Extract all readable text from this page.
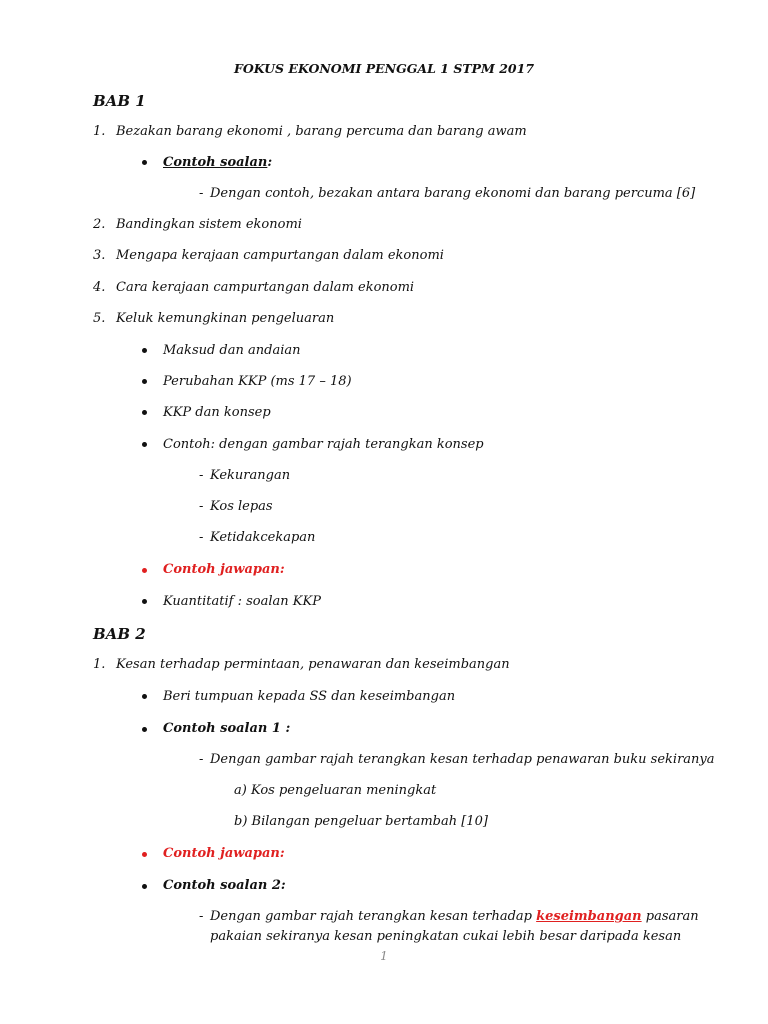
FOKUS EKONOMI PENGGAL 1 STPM 2017
BAB 1
1. Bezakan barang ekonomi , barang percuma dan barang awam
Contoh soalan:
- Dengan contoh, bezakan antara barang ekonomi dan barang percuma [6]
2. Bandingkan sistem ekonomi
3. Mengapa kerajaan campurtangan dalam ekonomi
4. Cara kerajaan campurtangan dalam ekonomi
5. Keluk kemungkinan pengeluaran
Maksud dan andaian
Perubahan KKP (ms 17 – 18)
KKP dan konsep
Contoh: dengan gambar rajah terangkan konsep
- Kekurangan
- Kos lepas
- Ketidakcekapan
Contoh jawapan:
Kuantitatif : soalan KKP
BAB 2
1. Kesan terhadap permintaan, penawaran dan keseimbangan
Beri tumpuan kepada SS dan keseimbangan
Contoh soalan 1 :
- Dengan gambar rajah terangkan kesan terhadap penawaran buku sekiranya
a) Kos pengeluaran meningkat
b) Bilangan pengeluar bertambah [10]
Contoh jawapan:
Contoh soalan 2:
- Dengan gambar rajah terangkan kesan terhadap keseimbangan pasaran
pakaian sekiranya kesan peningkatan cukai lebih besar daripada kesan
1
